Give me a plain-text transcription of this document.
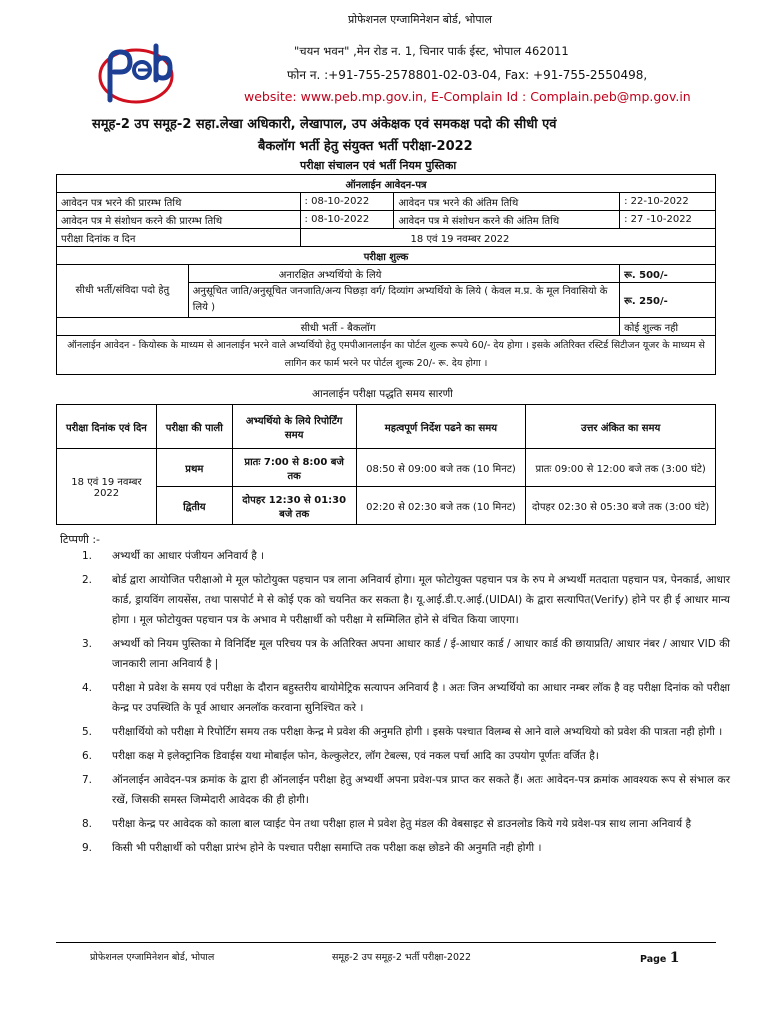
प्रोफेशनल एग्जामिनेशन बोर्ड, भोपाल
"चयन भवन" ,मेन रोड न. 1, चिनार पार्क ईस्ट, भोपाल 462011
फोन न. :+91-755-2578801-02-03-04, Fax: +91-755-2550498,
website: www.peb.mp.gov.in, E-Complain Id : Complain.peb@mp.gov.in
समूह-2 उप समूह-2 सहा.लेखा अधिकारी, लेखापाल, उप अंकेक्षक एवं समकक्ष पदो की सीधी एवं
बैकलॉग भर्ती हेतु संयुक्त भर्ती परीक्षा-2022
परीक्षा संचालन एवं भर्ती नियम पुस्तिका
ऑनलाईन आवेदन-पत्र				
आवेदन पत्र भरने की प्रारम्भ तिथि		: 08-10-2022	आवेदन पत्र भरने की अंतिम तिथि	: 22-10-2022
आवेदन पत्र मे संशोधन करने की प्रारम्भ तिथि		: 08-10-2022	आवेदन पत्र मे संशोधन करने की अंतिम तिथि	: 27 -10-2022
परीक्षा दिनांक व दिन		18 एवं 19 नवम्बर 2022		
परीक्षा शुल्क				
सीधी भर्ती/संविदा पदो हेतु	अनारक्षित अभ्यर्थियो के लिये			रू. 500/-
	अनुसूचित जाति/अनुसूचित जनजाति/अन्य पिछड़ा वर्ग/ दिव्यांग अभ्यर्थियो के लिये ( केवल म.प्र. के मूल निवासियो के लिये )			रू. 250/-
सीधी भर्ती - बैकलॉग				कोई शुल्क नही
ऑनलाईन आवेदन - कियोस्क के माध्यम से आनलाईन भरने वाले अभ्यर्थियो हेतु एमपीआनलाईन का पोर्टल शुल्क रूपये 60/- देय होगा । इसके अतिरिक्त रस्टिर्ड सिटीजन यूजर के माध्यम से लागिन कर फार्म भरने पर पोर्टल शुल्क 20/- रू. देय होगा ।				
आनलाईन परीक्षा पद्धति समय सारणी
परीक्षा दिनांक एवं दिन	परीक्षा की पाली	अभ्यर्थियो के लिये रिपोर्टिंग समय	महत्वपूर्ण निर्देश पढने का समय	उत्तर अंकित का समय
18 एवं 19 नवम्बर 2022	प्रथम	प्रातः 7:00 से 8:00 बजे तक	08:50 से 09:00 बजे तक (10 मिनट)	प्रातः 09:00 से 12:00 बजे तक (3:00 घंटे)
	द्वितीय	दोपहर 12:30 से 01:30 बजे तक	02:20 से 02:30 बजे तक (10 मिनट)	दोपहर 02:30 से 05:30 बजे तक (3:00 घंटे)
टिप्पणी :-
1.	अभ्यर्थी का आधार पंजीयन अनिवार्य है ।
2.	बोर्ड द्वारा आयोजित परीक्षाओ मे मूल फोटोयुक्त पहचान पत्र लाना अनिवार्य होगा। मूल फोटोयुक्त पहचान पत्र के रुप मे अभ्यर्थी मतदाता पहचान पत्र, पेनकार्ड, आधार कार्ड, ड्रायविंग लायसेंस, तथा पासपोर्ट मे से कोई एक को चयनित कर सकता है। यू.आई.डी.ए.आई.(UIDAI) के द्वारा सत्यापित(Verify) होने पर ही ई आधार मान्य होगा । मूल फोटोयुक्त पहचान पत्र के अभाव मे परीक्षार्थी को परीक्षा मे सम्मिलित होने से वंचित किया जाएगा।
3.	अभ्यर्थी को नियम पुस्तिका मे विनिर्दिष्ट मूल परिचय पत्र के अतिरिक्त अपना आधार कार्ड / ई-आधार कार्ड / आधार कार्ड की छायाप्रति/ आधार नंबर / आधार VID की जानकारी लाना अनिवार्य है |
4.	परीक्षा मे प्रवेश के समय एवं परीक्षा के दौरान बहुस्तरीय बायोमेट्रिक सत्यापन अनिवार्य है । अतः जिन अभ्यर्थियो का आधार नम्बर लॉक है वह परीक्षा दिनांक को परीक्षा केन्द्र पर उपस्थिति के पूर्व आधार अनलॉक करवाना सुनिश्चित करे ।
5.	परीक्षार्थियो को परीक्षा मे रिपोर्टिग समय तक परीक्षा केन्द्र मे प्रवेश की अनुमति होगी । इसके पश्चात विलम्ब से आने वाले अभ्यथियो को प्रवेश की पात्रता नही होगी ।
6.	परीक्षा कक्ष मे इलेक्ट्रानिक डिवाईस यथा मोबाईल फोन, केल्कुलेटर, लॉग टेबल्स, एवं नकल पर्चा आदि का उपयोग पूर्णतः वर्जित है।
7.	ऑनलाईन आवेदन-पत्र क्रमांक के द्वारा ही ऑनलाईन परीक्षा हेतु अभ्यर्थी अपना प्रवेश-पत्र प्राप्त कर सकते हैं। अतः आवेदन-पत्र क्रमांक आवश्यक रूप से संभाल कर रखें, जिसकी समस्त जिम्मेदारी आवेदक की ही होगी।
8.	परीक्षा केन्द्र पर आवेदक को काला बाल प्वाईट पेन तथा परीक्षा हाल मे प्रवेश हेतु मंडल की वेबसाइट से डाउनलोड किये गये प्रवेश-पत्र साथ लाना अनिवार्य है
9.	किसी भी परीक्षार्थी को परीक्षा प्रारंभ होने के पश्चात परीक्षा समाप्ति तक परीक्षा कक्ष छोडने की अनुमति नही होगी ।
प्रोफेशनल एग्जामिनेशन बोर्ड, भोपाल	समूह-2 उप समूह-2 भर्ती परीक्षा-2022	Page 1
